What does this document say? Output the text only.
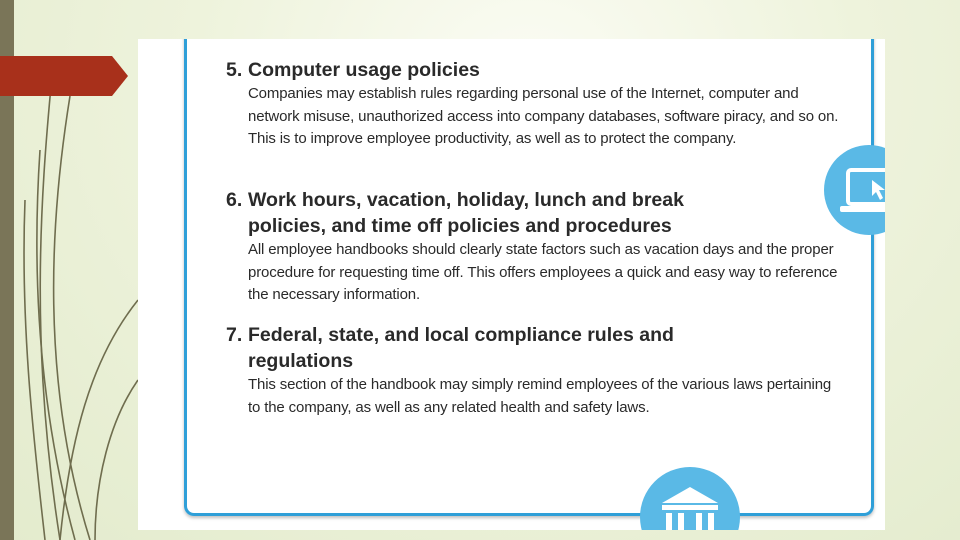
5. Computer usage policies

Companies may establish rules regarding personal use of the Internet, computer and network misuse, unauthorized access into company databases, software piracy, and so on. This is to improve employee productivity, as well as to protect the company.

6. Work hours, vacation, holiday, lunch and break policies, and time off policies and procedures

All employee handbooks should clearly state factors such as vacation days and the proper procedure for requesting time off. This offers employees a quick and easy way to reference the necessary information.

7. Federal, state, and local compliance rules and regulations

This section of the handbook may simply remind employees of the various laws pertaining to the company, as well as any related health and safety laws.
